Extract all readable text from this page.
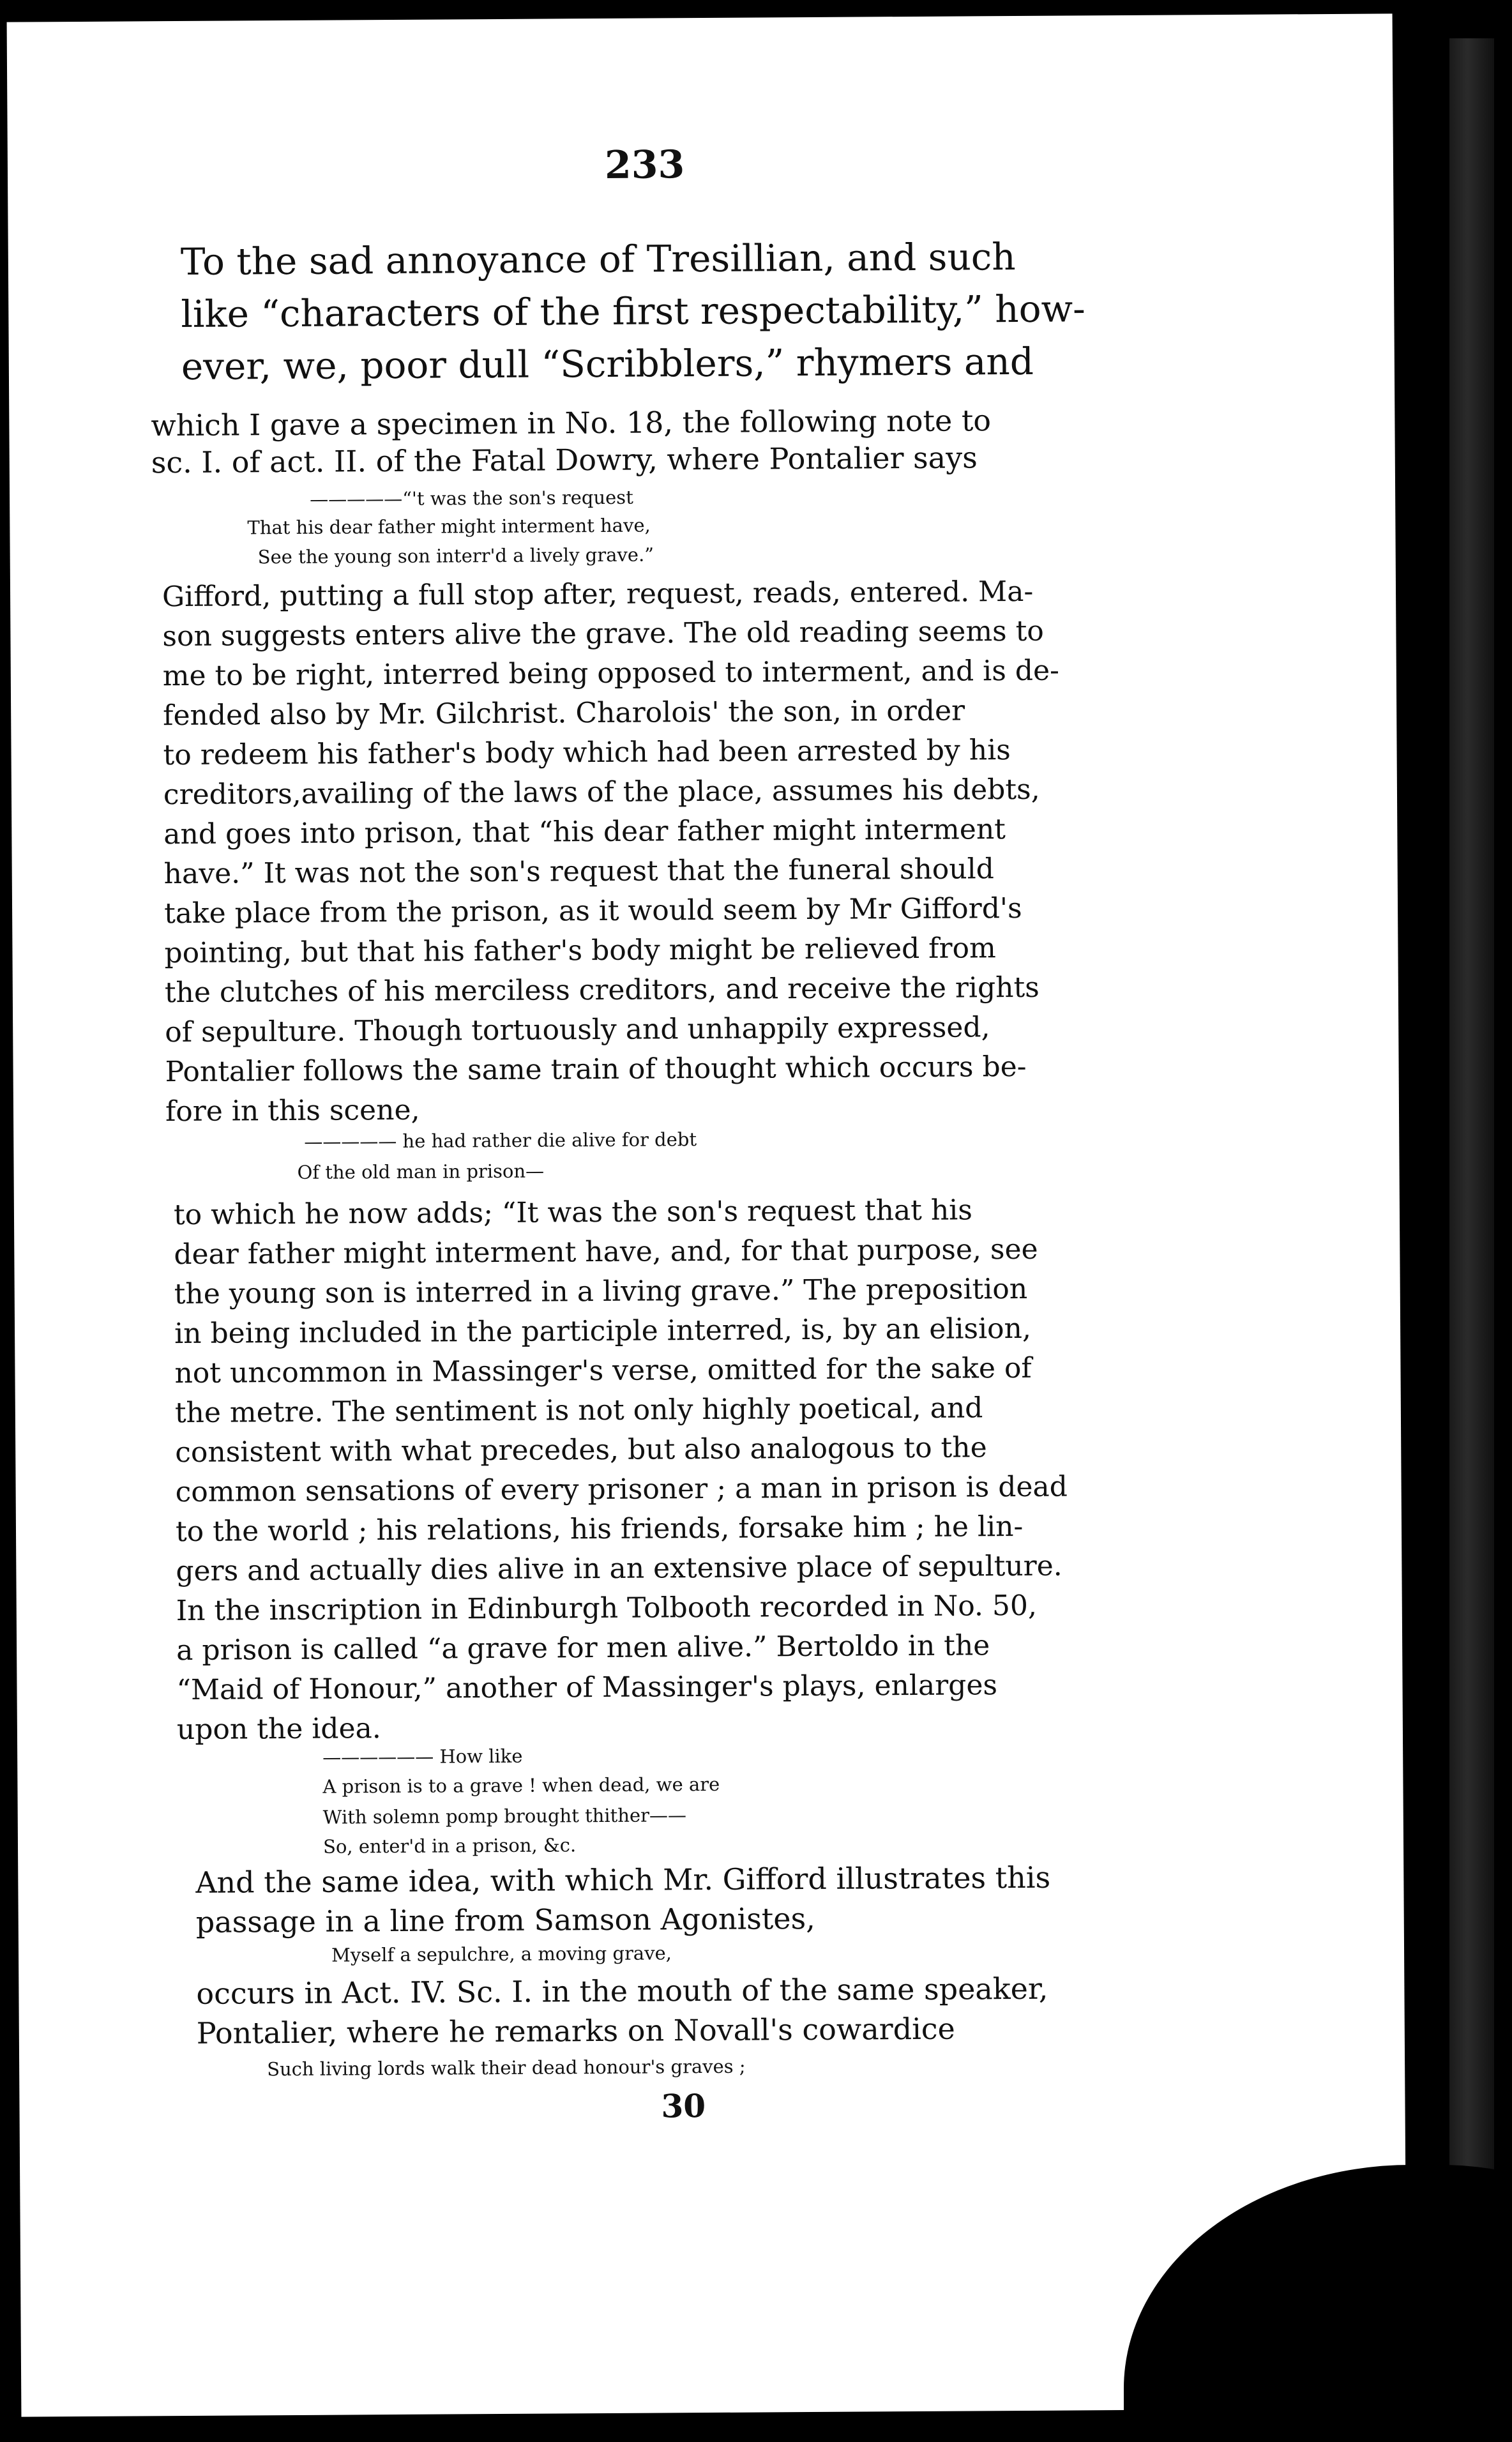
233
To the sad annoyance of Tresillian, and such
like “characters of the first respectability,” how-
ever, we, poor dull “Scribblers,” rhymers and
which I gave a specimen in No. 18, the following note to
sc. I. of act. II. of the Fatal Dowry, where Pontalier says
—————“'t was the son's request
That his dear father might interment have,
See the young son interr'd a lively grave.”
Gifford, putting a full stop after, request, reads, entered. Ma-
son suggests enters alive the grave. The old reading seems to
me to be right, interred being opposed to interment, and is de-
fended also by Mr. Gilchrist. Charolois' the son, in order
to redeem his father's body which had been arrested by his
creditors,availing of the laws of the place, assumes his debts,
and goes into prison, that “his dear father might interment
have.” It was not the son's request that the funeral should
take place from the prison, as it would seem by Mr Gifford's
pointing, but that his father's body might be relieved from
the clutches of his merciless creditors, and receive the rights
of sepulture. Though tortuously and unhappily expressed,
Pontalier follows the same train of thought which occurs be-
fore in this scene,
————— he had rather die alive for debt
Of the old man in prison—
to which he now adds; “It was the son's request that his
dear father might interment have, and, for that purpose, see
the young son is interred in a living grave.” The preposition
in being included in the participle interred, is, by an elision,
not uncommon in Massinger's verse, omitted for the sake of
the metre. The sentiment is not only highly poetical, and
consistent with what precedes, but also analogous to the
common sensations of every prisoner ; a man in prison is dead
to the world ; his relations, his friends, forsake him ; he lin-
gers and actually dies alive in an extensive place of sepulture.
In the inscription in Edinburgh Tolbooth recorded in No. 50,
a prison is called “a grave for men alive.” Bertoldo in the
“Maid of Honour,” another of Massinger's plays, enlarges
upon the idea.
—————— How like
A prison is to a grave ! when dead, we are
With solemn pomp brought thither——
So, enter'd in a prison, &c.
And the same idea, with which Mr. Gifford illustrates this
passage in a line from Samson Agonistes,
Myself a sepulchre, a moving grave,
occurs in Act. IV. Sc. I. in the mouth of the same speaker,
Pontalier, where he remarks on Novall's cowardice
Such living lords walk their dead honour's graves ;
30
